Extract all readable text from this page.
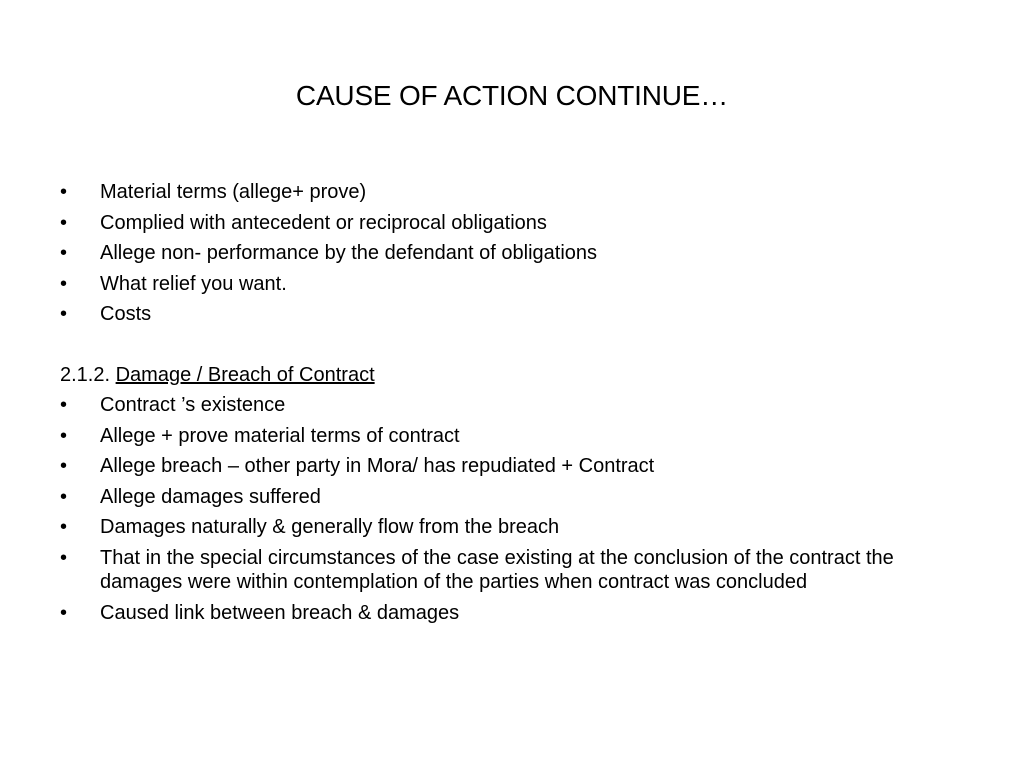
CAUSE OF ACTION CONTINUE…
•	Material terms (allege+ prove)
•	Complied with antecedent or reciprocal obligations
•	Allege non- performance by the defendant of obligations
•	What relief you want.
•	Costs
2.1.2. Damage / Breach of Contract
•	Contract ’s existence
•	Allege + prove material terms of contract
•	Allege breach – other party in Mora/ has repudiated + Contract
•	Allege damages suffered
•	Damages naturally & generally flow from the breach
•	That in the special circumstances of the case existing at the conclusion of the contract the damages were within contemplation of the parties when contract was concluded
•	Caused link between breach & damages
